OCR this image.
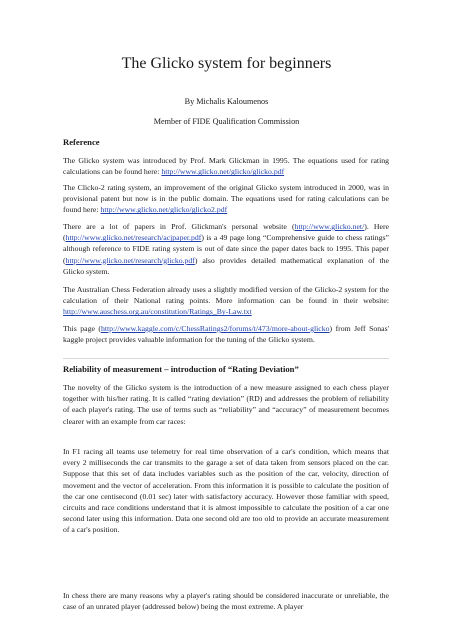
The Glicko system for beginners
By Michalis Kaloumenos
Member of FIDE Qualification Commission
Reference

The Glicko system was introduced by Prof. Mark Glickman in 1995. The equations used for rating calculations can be found here: http://www.glicko.net/glicko/glicko.pdf

The Clicko-2 rating system, an improvement of the original Glicko system introduced in 2000, was in provisional patent but now is in the public domain. The equations used for rating calculations can be found here: http://www.glicko.net/glicko/glicko2.pdf

There are a lot of papers in Prof. Glickman's personal website (http://www.glicko.net/). Here (http://www.glicko.net/research/acjpaper.pdf) is a 49 page long “Comprehensive guide to chess ratings” although reference to FIDE rating system is out of date since the paper dates back to 1995. This paper (http://www.glicko.net/research/glicko.pdf) also provides detailed mathematical explanation of the Glicko system.

The Australian Chess Federation already uses a slightly modified version of the Glicko-2 system for the calculation of their National rating points. More information can be found in their website: http://www.auschess.org.au/constitution/Ratings_By-Law.txt

This page (http://www.kaggle.com/c/ChessRatings2/forums/t/473/more-about-glicko) from Jeff Sonas' kaggle project provides valuable information for the tuning of the Glicko system.

Reliability of measurement – introduction of “Rating Deviation”

The novelty of the Glicko system is the introduction of a new measure assigned to each chess player together with his/her rating. It is called “rating deviation” (RD) and addresses the problem of reliability of each player's rating. The use of terms such as “reliability” and “accuracy” of measurement becomes clearer with an example from car races:

In F1 racing all teams use telemetry for real time observation of a car's condition, which means that every 2 milliseconds the car transmits to the garage a set of data taken from sensors placed on the car. Suppose that this set of data includes variables such as the position of the car, velocity, direction of movement and the vector of acceleration. From this information it is possible to calculate the position of the car one centisecond (0.01 sec) later with satisfactory accuracy. However those familiar with speed, circuits and race conditions understand that it is almost impossible to calculate the position of a car one second later using this information. Data one second old are too old to provide an accurate measurement of a car's position.

In chess there are many reasons why a player's rating should be considered inaccurate or unreliable, the case of an unrated player (addressed below) being the most extreme. A player
